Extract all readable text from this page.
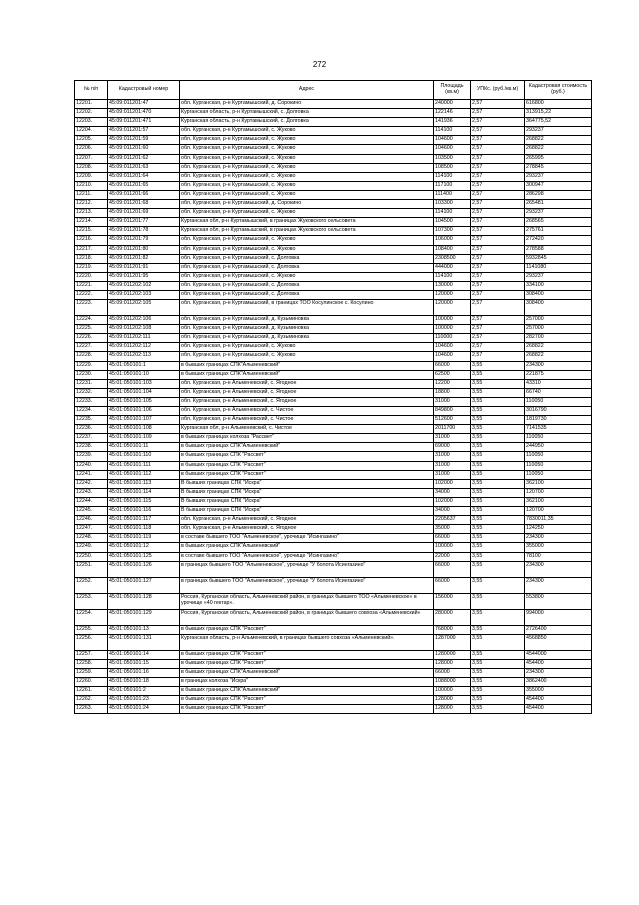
272
№ п/п	Кадастровый номер	Адрес	Площадь (кв.м)	УПКс. (руб./кв.м)	Кадастровая стоимость (руб.)
12201.	45:09:011201:47	обл. Курганская, р-н Куртамышский, д. Сорокино	240000	2,57	616800
12202.	45:09:011201:470	Курганская область, р-н Куртамышский, с. Долговка	122146	2,57	313915,22
12203.	45:09:011201:471	Курганская область, р-н Куртамышский, с. Долговка	141936	2,57	364775,52
12204.	45:09:011201:57	обл. Курганская, р-н Куртамышский, с. Жуково	114100	2,57	293237
12205.	45:09:011201:59	обл. Курганская, р-н Куртамышский, с. Жуково	104600	2,57	268822
12206.	45:09:011201:60	обл. Курганская, р-н Куртамышский, с. Жуково	104600	2,57	268822
12207.	45:09:011201:62	обл. Курганская, р-н Куртамышский, с. Жуково	103500	2,57	265995
12208.	45:09:011201:63	обл. Курганская, р-н Куртамышский, с. Жуково	108500	2,57	278845
12209.	45:09:011201:64	обл. Курганская, р-н Куртамышский, с. Жуково	114100	2,57	293237
12210.	45:09:011201:65	обл. Курганская, р-н Куртамышский, с. Жуково	117100	2,57	300947
12211.	45:09:011201:66	обл. Курганская, р-н Куртамышский, с. Жуково	111400	2,57	286298
12212.	45:09:011201:68	обл. Курганская, р-н Куртамышский, д. Сорокино	103300	2,57	265481
12213.	45:09:011201:69	обл. Курганская, р-н Куртамышский, с. Жуково	114100	2,57	293237
12214.	45:09:011201:77	Курганская обл, р-н Куртамышский, в границах Жуковского сельсовета	104500	2,57	268565
12215.	45:09:011201:78	Курганская обл, р-н Куртамышский, в границах Жуковского сельсовета	107300	2,57	275761
12216.	45:09:011201:79	обл. Курганская, р-н Куртамышский, с. Жуково	106000	2,57	272420
12217.	45:09:011201:80	обл. Курганская, р-н Куртамышский, с. Жуково	108400	2,57	278588
12218.	45:09:011201:82	обл. Курганская, р-н Куртамышский, с. Долговка	2308500	2,57	5932845
12219.	45:09:011201:91	обл. Курганская, р-н Куртамышский, с. Долговка	444000	2,57	1141080
12220.	45:09:011201:95	обл. Курганская, р-н Куртамышский, с. Жуково	114100	2,57	293237
12221.	45:09:011202:102	обл. Курганская, р-н Куртамышский, с. Долговка	130000	2,57	334100
12222.	45:09:011202:103	обл. Курганская, р-н Куртамышский, с. Долговка	120000	2,57	308400
12223.	45:09:011202:105	обл. Курганская, р-н Куртамышский, в границах ТОО Косулинское с. Косулино	120000	2,57	308400
12224.	45:09:011202:106	обл. Курганская, р-н Куртамышский, д. Кузьминовка	100000	2,57	257000
12225.	45:09:011202:108	обл. Курганская, р-н Куртамышский, д. Кузьминовка	100000	2,57	257000
12226.	45:09:011202:111	обл. Курганская, р-н Куртамышский, д. Кузьминовка	110000	2,57	282700
12227.	45:09:011202:112	обл. Курганская, р-н Куртамышский, с. Жуково	104600	2,57	268822
12228.	45:09:011202:113	обл. Курганская, р-н Куртамышский, с. Жуково	104600	2,57	268822
12229.	45:01:050101:1	в бывших границах СПК"Альменевский"	66000	3,55	234300
12230.	45:01:050101:10	в бывших границах СПК"Альменевский"	62500	3,55	221875
12231.	45:01:050101:103	обл. Курганская, р-н Альменевский, с. Ягодное	12200	3,55	43310
12232.	45:01:050101:104	обл. Курганская, р-н Альменевский, с. Ягодное	18800	3,55	66740
12233.	45:01:050101:105	обл. Курганская, р-н Альменевский, с. Ягодное	31000	3,55	110050
12234.	45:01:050101:106	обл. Курганская, р-н Альменевский, с. Чистое	849800	3,55	3016790
12235.	45:01:050101:107	обл. Курганская, р-н Альменевский, с. Чистое	512600	3,55	1819730
12236.	45:01:050101:108	Курганская обл, р-н Альменевский, с. Чистое	2011700	3,55	7141535
12237.	45:01:050101:109	в бывших границах колхоза "Рассвет"	31000	3,55	110050
12238.	45:01:050101:11	в бывших границах СПК"Альменевский"	69000	3,55	244950
12239.	45:01:050101:110	в бывших границах СПК "Рассвет"	31000	3,55	110050
12240.	45:01:050101:111	в бывших границах СПК "Рассвет"	31000	3,55	110050
12241.	45:01:050101:112	в бывших границах СПК "Рассвет"	31000	3,55	110050
12242.	45:01:050101:113	В бывших границах СПК "Искра"	102000	3,55	362100
12243.	45:01:050101:114	В бывших границах СПК "Искра"	34000	3,55	120700
12244.	45:01:050101:115	В бывших границах СПК "Искра"	102000	3,55	362100
12245.	45:01:050101:116	В бывших границах СПК "Искра"	34000	3,55	120700
12246.	45:01:050101:117	обл. Курганская, р-н Альменевский, с. Ягодное	2205637	3,55	7830011,35
12247.	45:01:050101:118	обл. Курганская, р-н Альменевский, с. Ягодное	35000	3,55	124250
12248.	45:01:050101:119	в составе бывшего ТОО "Альменевское", урочище "Исингазино"	66000	3,55	234300
12249.	45:01:050101:12	в бывших границах СПК"Альменевский"	100000	3,55	355000
12250.	45:01:050101:125	в составе бывшего ТОО "Альменевское", урочище "Исингазино"	22000	3,55	78100
12251.	45:01:050101:126	в границах бывшего ТОО "Альменевское", урочище "У болота Исингазино"	66000	3,55	234300
12252.	45:01:050101:127	в границах бывшего ТОО "Альменевское", урочище "У болота Исингазино"	66000	3,55	234300
12253.	45:01:050101:128	Россия, Курганская область, Альменевский район, в границах бывшего ТОО «Альменевское» в урочище «40 гектар».	156000	3,55	553800
12254.	45:01:050101:129	Россия, Курганская область, Альменевский район, в границах бывшего совхоза «Альменевский»	280000	3,55	994000
12255.	45:01:050101:13	в бывших границах СПК "Рассвет"	768000	3,55	2726400
12256.	45:01:050101:131	Курганская область, р-н Альменевский, в границах бывшего совхоза «Альменевский».	1287000	3,55	4568850
12257.	45:01:050101:14	в бывших границах СПК "Рассвет"	1280000	3,55	4544000
12258.	45:01:050101:15	в бывших границах СПК "Рассвет"	128000	3,55	454400
12259.	45:01:050101:16	в бывших границах СПК"Альменевский"	66000	3,55	234300
12260.	45:01:050101:18	в границах колхоза "Искра"	1088000	3,55	3862400
12261.	45:01:050101:2	в бывших границах СПК"Альменевский"	100000	3,55	355000
12262.	45:01:050101:23	в бывших границах СПК "Рассвет"	128000	3,55	454400
12263.	45:01:050101:24	в бывших границах СПК "Рассвет"	128000	3,55	454400
